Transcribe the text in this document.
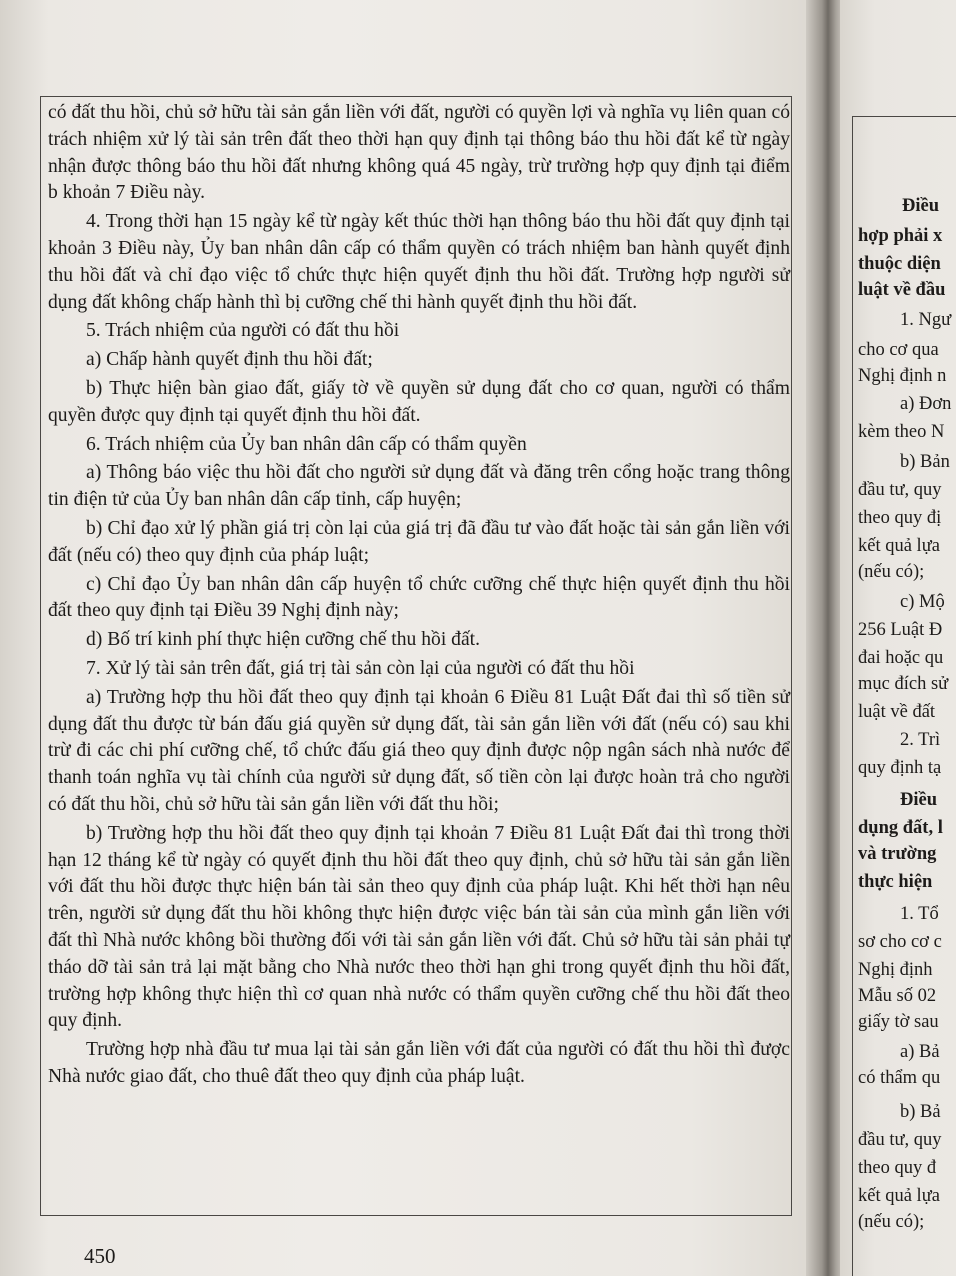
Điều
hợp phải x
thuộc diện
luật về đầu
1. Ngư
cho cơ qua
Nghị định n
a) Đơn
kèm theo N
b) Bản
đầu tư, quy
theo quy đị
kết quả lựa
(nếu có);
c) Mộ
256 Luật Đ
đai hoặc qu
mục đích sử
luật về đất
2. Trì
quy định tạ
Điều
dụng đất, l
và trường
thực hiện
1. Tổ
sơ cho cơ c
Nghị định
Mẫu số 02
giấy tờ sau
a) Bả
có thẩm qu
b) Bả
đầu tư, quy
theo quy đ
kết quả lựa
(nếu có);

có đất thu hồi, chủ sở hữu tài sản gắn liền với đất, người có quyền lợi và nghĩa vụ liên quan có trách nhiệm xử lý tài sản trên đất theo thời hạn quy định tại thông báo thu hồi đất kể từ ngày nhận được thông báo thu hồi đất nhưng không quá 45 ngày, trừ trường hợp quy định tại điểm b khoản 7 Điều này.

4. Trong thời hạn 15 ngày kể từ ngày kết thúc thời hạn thông báo thu hồi đất quy định tại khoản 3 Điều này, Ủy ban nhân dân cấp có thẩm quyền có trách nhiệm ban hành quyết định thu hồi đất và chỉ đạo việc tổ chức thực hiện quyết định thu hồi đất. Trường hợp người sử dụng đất không chấp hành thì bị cưỡng chế thi hành quyết định thu hồi đất.

5. Trách nhiệm của người có đất thu hồi

a) Chấp hành quyết định thu hồi đất;

b) Thực hiện bàn giao đất, giấy tờ về quyền sử dụng đất cho cơ quan, người có thẩm quyền được quy định tại quyết định thu hồi đất.

6. Trách nhiệm của Ủy ban nhân dân cấp có thẩm quyền

a) Thông báo việc thu hồi đất cho người sử dụng đất và đăng trên cổng hoặc trang thông tin điện tử của Ủy ban nhân dân cấp tỉnh, cấp huyện;

b) Chỉ đạo xử lý phần giá trị còn lại của giá trị đã đầu tư vào đất hoặc tài sản gắn liền với đất (nếu có) theo quy định của pháp luật;

c) Chỉ đạo Ủy ban nhân dân cấp huyện tổ chức cưỡng chế thực hiện quyết định thu hồi đất theo quy định tại Điều 39 Nghị định này;

d) Bố trí kinh phí thực hiện cưỡng chế thu hồi đất.

7. Xử lý tài sản trên đất, giá trị tài sản còn lại của người có đất thu hồi

a) Trường hợp thu hồi đất theo quy định tại khoản 6 Điều 81 Luật Đất đai thì số tiền sử dụng đất thu được từ bán đấu giá quyền sử dụng đất, tài sản gắn liền với đất (nếu có) sau khi trừ đi các chi phí cưỡng chế, tổ chức đấu giá theo quy định được nộp ngân sách nhà nước để thanh toán nghĩa vụ tài chính của người sử dụng đất, số tiền còn lại được hoàn trả cho người có đất thu hồi, chủ sở hữu tài sản gắn liền với đất thu hồi;

b) Trường hợp thu hồi đất theo quy định tại khoản 7 Điều 81 Luật Đất đai thì trong thời hạn 12 tháng kể từ ngày có quyết định thu hồi đất theo quy định, chủ sở hữu tài sản gắn liền với đất thu hồi được thực hiện bán tài sản theo quy định của pháp luật. Khi hết thời hạn nêu trên, người sử dụng đất thu hồi không thực hiện được việc bán tài sản của mình gắn liền với đất thì Nhà nước không bồi thường đối với tài sản gắn liền với đất. Chủ sở hữu tài sản phải tự tháo dỡ tài sản trả lại mặt bằng cho Nhà nước theo thời hạn ghi trong quyết định thu hồi đất, trường hợp không thực hiện thì cơ quan nhà nước có thẩm quyền cưỡng chế thu hồi đất theo quy định.

Trường hợp nhà đầu tư mua lại tài sản gắn liền với đất của người có đất thu hồi thì được Nhà nước giao đất, cho thuê đất theo quy định của pháp luật.

450
